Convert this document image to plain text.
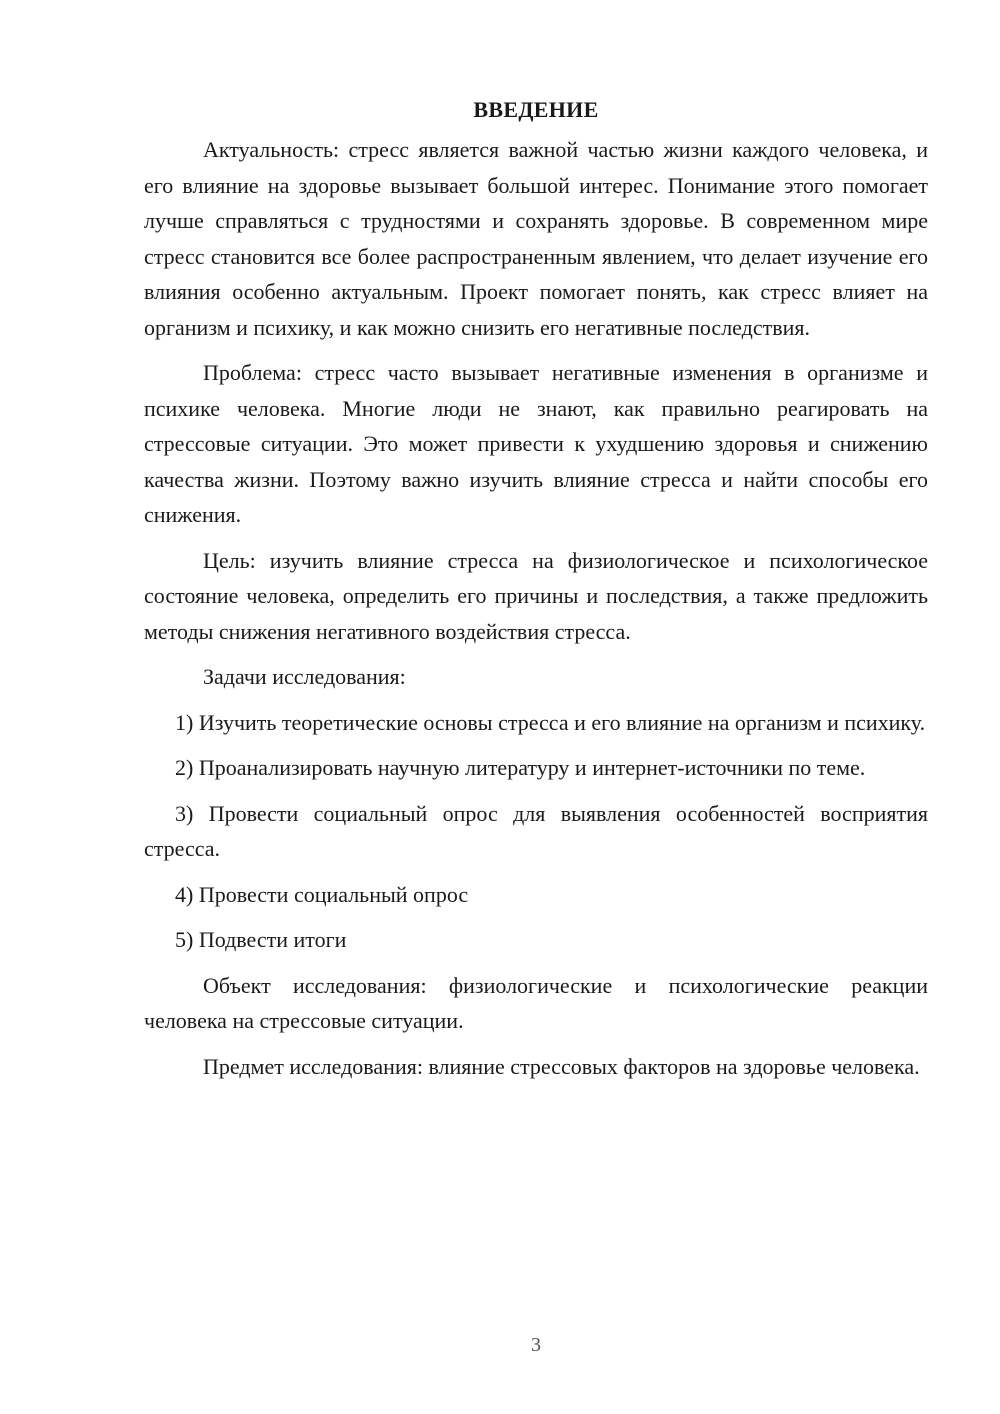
ВВЕДЕНИЕ

Актуальность: стресс является важной частью жизни каждого человека, и его влияние на здоровье вызывает большой интерес. Понимание этого помогает лучше справляться с трудностями и сохранять здоровье. В современном мире стресс становится все более распространенным явлением, что делает изучение его влияния особенно актуальным. Проект помогает понять, как стресс влияет на организм и психику, и как можно снизить его негативные последствия.

Проблема: стресс часто вызывает негативные изменения в организме и психике человека. Многие люди не знают, как правильно реагировать на стрессовые ситуации. Это может привести к ухудшению здоровья и снижению качества жизни. Поэтому важно изучить влияние стресса и найти способы его снижения.

Цель: изучить влияние стресса на физиологическое и психологическое состояние человека, определить его причины и последствия, а также предложить методы снижения негативного воздействия стресса.

Задачи исследования:

1) Изучить теоретические основы стресса и его влияние на организм и психику.

2) Проанализировать научную литературу и интернет-источники по теме.

3) Провести социальный опрос для выявления особенностей восприятия стресса.

4) Провести социальный опрос

5) Подвести итоги

Объект исследования: физиологические и психологические реакции человека на стрессовые ситуации.

Предмет исследования: влияние стрессовых факторов на здоровье человека.

3
